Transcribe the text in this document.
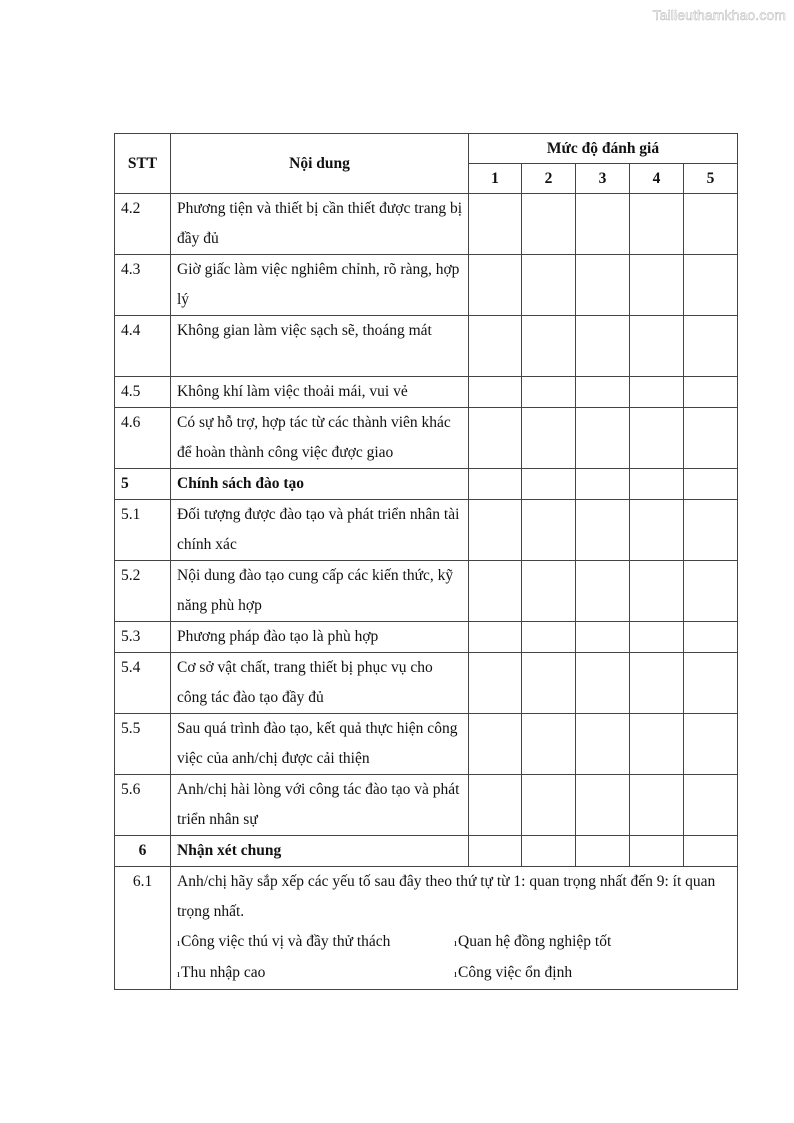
Tailieuthamkhao.com
STT	Nội dung	Mức độ đánh giá				
		1	2	3	4	5
4.2	Phương tiện và thiết bị cần thiết được trang bị đầy đủ					
4.3	Giờ giấc làm việc nghiêm chỉnh, rõ ràng, hợp lý					
4.4	Không gian làm việc sạch sẽ, thoáng mát					
4.5	Không khí làm việc thoải mái, vui vẻ					
4.6	Có sự hỗ trợ, hợp tác từ các thành viên khác để hoàn thành công việc được giao					
5	Chính sách đào tạo					
5.1	Đối tượng được đào tạo và phát triển nhân tài chính xác					
5.2	Nội dung đào tạo cung cấp các kiến thức, kỹ năng phù hợp					
5.3	Phương pháp đào tạo là phù hợp					
5.4	Cơ sở vật chất, trang thiết bị phục vụ cho công tác đào tạo đầy đủ					
5.5	Sau quá trình đào tạo, kết quả thực hiện công việc của anh/chị được cải thiện					
5.6	Anh/chị hài lòng với công tác đào tạo và phát triển nhân sự					
6	Nhận xét chung					
6.1	Anh/chị hãy sắp xếp các yếu tố sau đây theo thứ tự từ 1: quan trọng nhất đến 9: ít quan trọng nhất.
ıCông việc thú vị và đầy thử thách ıQuan hệ đồng nghiệp tốt
ıThu nhập cao ıCông việc ổn định					
